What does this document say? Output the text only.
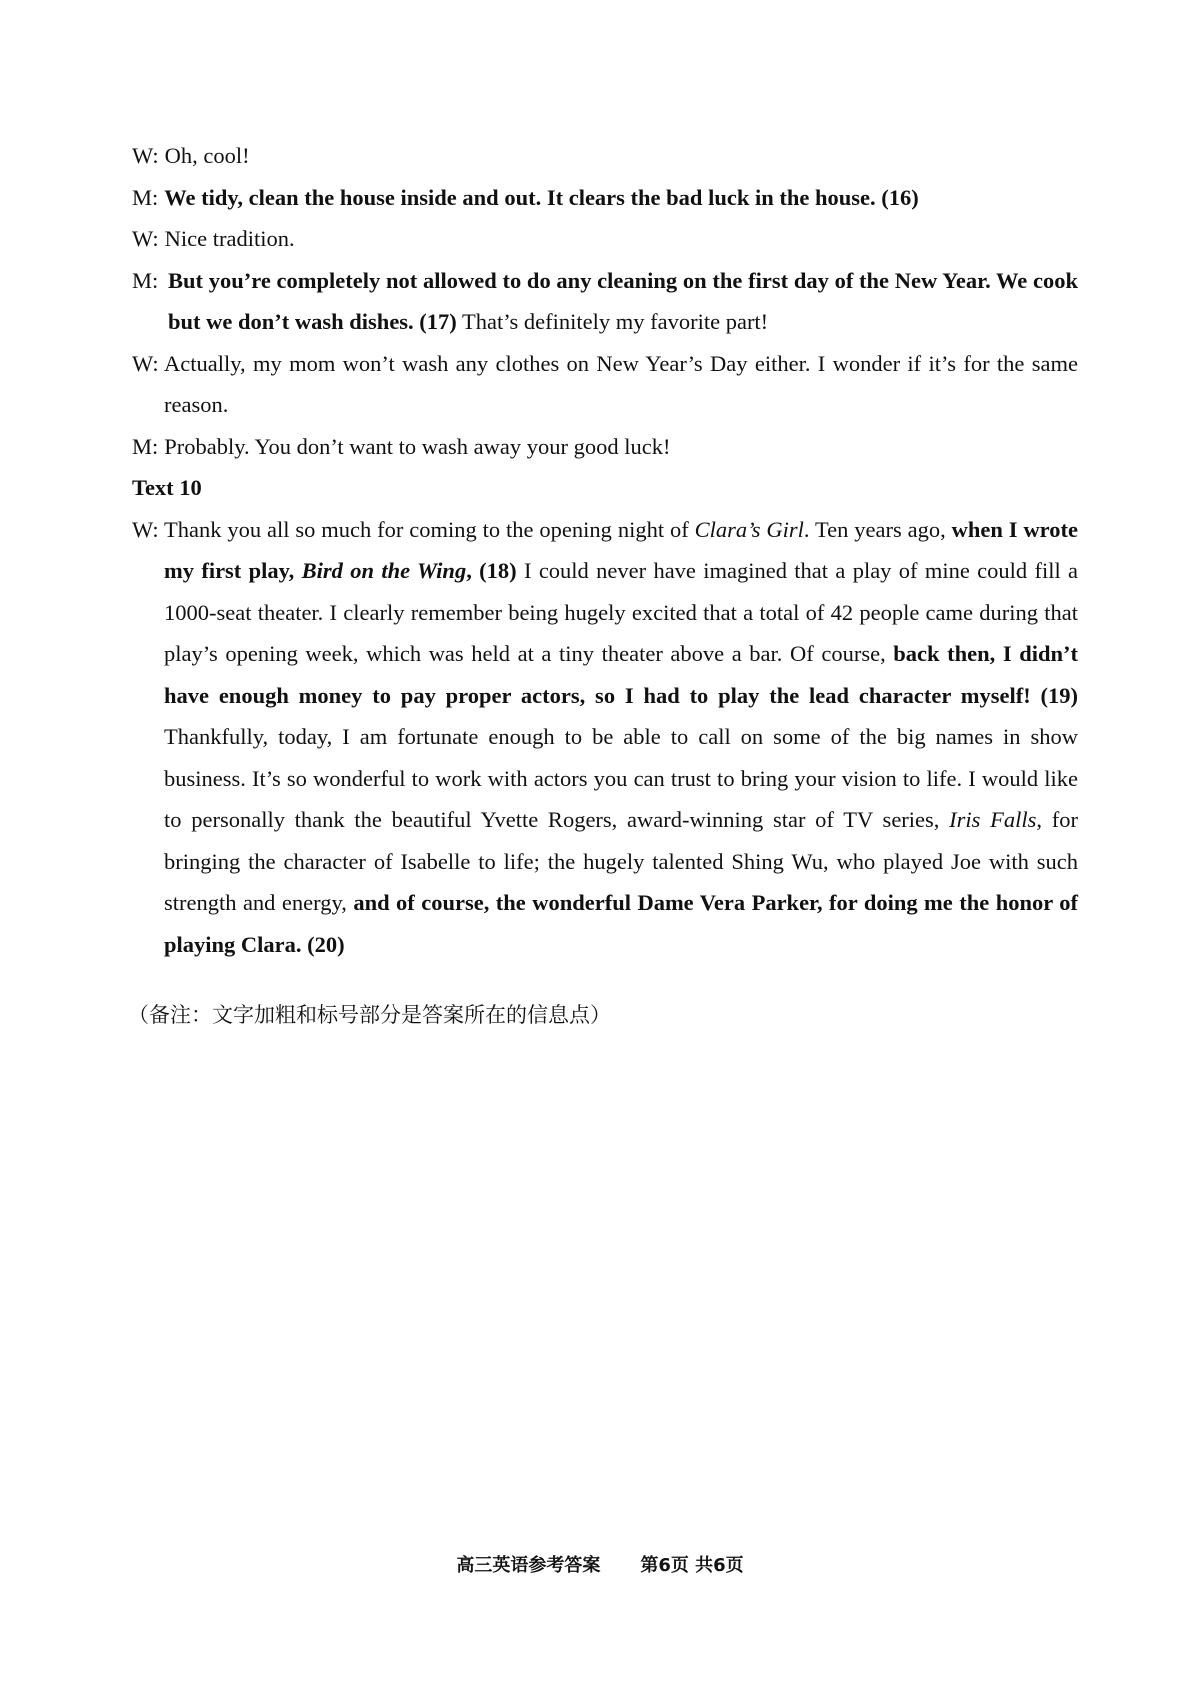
W: Oh, cool!
M: We tidy, clean the house inside and out. It clears the bad luck in the house. (16)
W: Nice tradition.
M: But you’re completely not allowed to do any cleaning on the first day of the New Year. We cook but we don’t wash dishes. (17) That’s definitely my favorite part!
W: Actually, my mom won’t wash any clothes on New Year’s Day either. I wonder if it’s for the same reason.
M: Probably. You don’t want to wash away your good luck!
Text 10
W: Thank you all so much for coming to the opening night of Clara’s Girl. Ten years ago, when I wrote my first play, Bird on the Wing, (18) I could never have imagined that a play of mine could fill a 1000-seat theater. I clearly remember being hugely excited that a total of 42 people came during that play’s opening week, which was held at a tiny theater above a bar. Of course, back then, I didn’t have enough money to pay proper actors, so I had to play the lead character myself! (19) Thankfully, today, I am fortunate enough to be able to call on some of the big names in show business. It’s so wonderful to work with actors you can trust to bring your vision to life. I would like to personally thank the beautiful Yvette Rogers, award-winning star of TV series, Iris Falls, for bringing the character of Isabelle to life; the hugely talented Shing Wu, who played Joe with such strength and energy, and of course, the wonderful Dame Vera Parker, for doing me the honor of playing Clara. (20)
（备注：文字加粗和标号部分是答案所在的信息点）
高三英语参考答案 第6页 共6页
